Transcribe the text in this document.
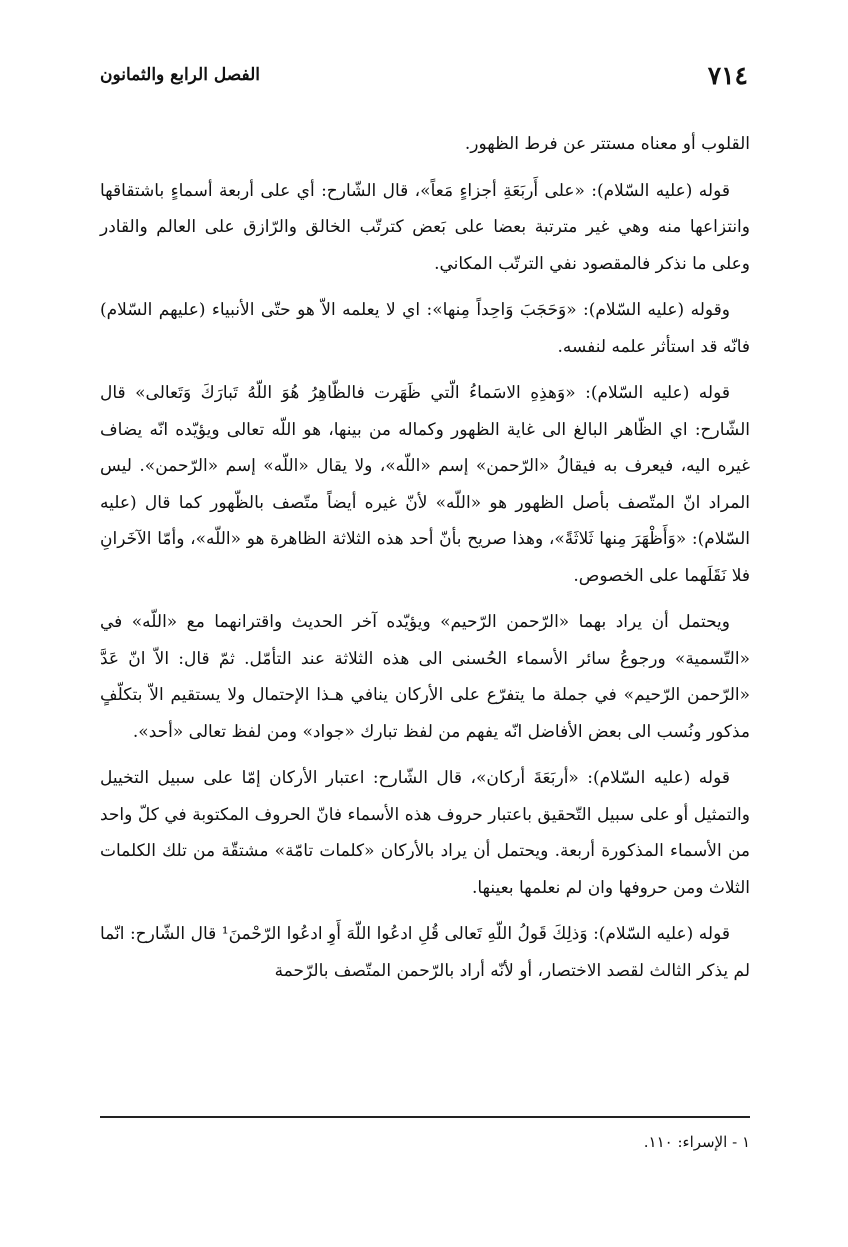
٧١٤
الفصل الرابع والثمانون

القلوب أو معناه مستتر عن فرط الظهور.

قوله (عليه السّلام): «على أَربَعَةِ أجزاءٍ مَعاً»، قال الشّارح: أي على أربعة أسماءٍ باشتقاقها وانتزاعها منه وهي غير مترتبة بعضا على بَعض كترتّب الخالق والرّازق على العالم والقادر وعلى ما نذكر فالمقصود نفي الترتّب المكاني.

وقوله (عليه السّلام): «وَحَجَبَ وَاحِداً مِنها»: اي لا يعلمه الاّ هو حتّى الأنبياء (عليهم السّلام) فانّه قد استأثر علمه لنفسه.

قوله (عليه السّلام): «وَهذِهِ الاسَماءُ الّتي ظَهَرت فالظّاهِرُ هُوَ اللّهُ تَبارَكَ وَتَعالى» قال الشّارح: اي الظّاهر البالغ الى غاية الظهور وكماله من بينها، هو اللّه تعالى ويؤيّده انّه يضاف غيره اليه، فيعرف به فيقالُ «الرّحمن» إسم «اللّه»، ولا يقال «اللّه» إسم «الرّحمن». ليس المراد انّ المتّصف بأصل الظهور هو «اللّه» لأنّ غيره أيضاً متّصف بالظّهور كما قال (عليه السّلام): «وَأَظْهَرَ مِنها ثَلاثَةً»، وهذا صريح بأنّ أحد هذه الثلاثة الظاهرة هو «اللّه»، وأمّا الآخَرانِ فلا نَقَلَهما على الخصوص.

ويحتمل أن يراد بهما «الرّحمن الرّحيم» ويؤيّده آخر الحديث واقترانهما مع «اللّه» في «التّسمية» ورجوعُ سائر الأسماء الحُسنى الى هذه الثلاثة عند التأمّل. ثمّ قال: الاّ انّ عَدَّ «الرّحمن الرّحيم» في جملة ما يتفرّع على الأركان ينافي هـذا الإحتمال ولا يستقيم الاّ بتكلّفٍ مذكور ونُسب الى بعض الأفاضل انّه يفهم من لفظ تبارك «جواد» ومن لفظ تعالى «أحد».

قوله (عليه السّلام): «أربَعَةَ أركان»، قال الشّارح: اعتبار الأركان إمّا على سبيل التخييل والتمثيل أو على سبيل التّحقيق باعتبار حروف هذه الأسماء فانّ الحروف المكتوبة في كلّ واحد من الأسماء المذكورة أربعة. ويحتمل أن يراد بالأركان «كلمات تامّة» مشتقّة من تلك الكلمات الثلاث ومن حروفها وان لم نعلمها بعينها.

قوله (عليه السّلام): وَذلِكَ قَولُ اللّهِ تَعالى قُلِ ادعُوا اللّهَ أَوِ ادعُوا الرّحْمنَ¹ قال الشّارح: انّما لم يذكر الثالث لقصد الاختصار، أو لأنّه أراد بالرّحمن المتّصف بالرّحمة

١ - الإسراء: ١١٠.
